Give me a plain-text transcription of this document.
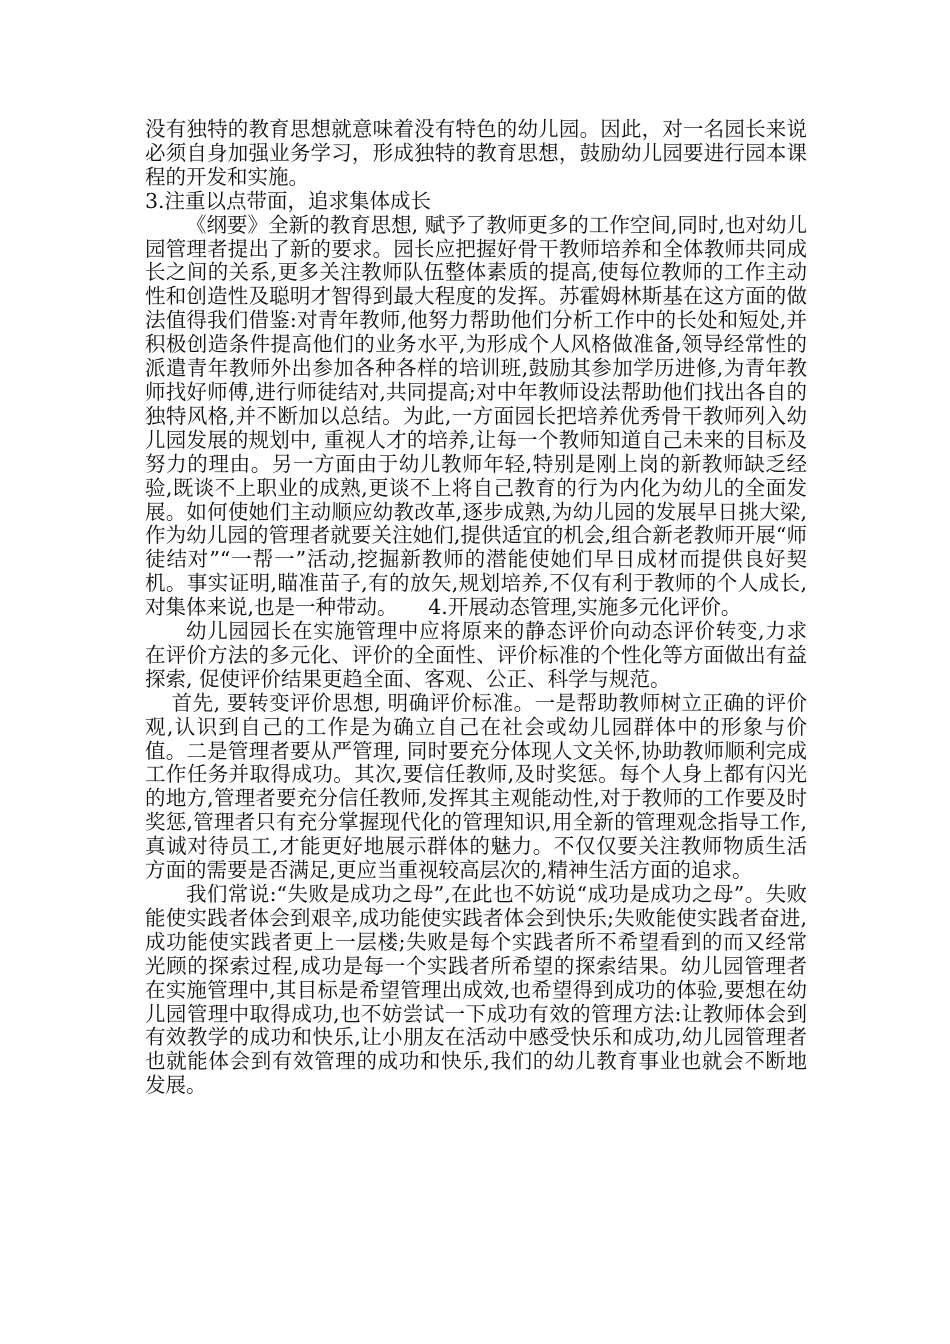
没有独特的教育思想就意味着没有特色的幼儿园。因此，对一名园长来说必须自身加强业务学习，形成独特的教育思想，鼓励幼儿园要进行园本课程的开发和实施。

3.注重以点带面，追求集体成长

《纲要》全新的教育思想, 赋予了教师更多的工作空间,同时,也对幼儿园管理者提出了新的要求。园长应把握好骨干教师培养和全体教师共同成长之间的关系,更多关注教师队伍整体素质的提高,使每位教师的工作主动性和创造性及聪明才智得到最大程度的发挥。苏霍姆林斯基在这方面的做法值得我们借鉴:对青年教师,他努力帮助他们分析工作中的长处和短处,并积极创造条件提高他们的业务水平,为形成个人风格做准备,领导经常性的派遣青年教师外出参加各种各样的培训班,鼓励其参加学历进修,为青年教师找好师傅,进行师徒结对,共同提高;对中年教师设法帮助他们找出各自的独特风格,并不断加以总结。为此,一方面园长把培养优秀骨干教师列入幼儿园发展的规划中, 重视人才的培养,让每一个教师知道自己未来的目标及努力的理由。另一方面由于幼儿教师年轻,特别是刚上岗的新教师缺乏经验,既谈不上职业的成熟,更谈不上将自己教育的行为内化为幼儿的全面发展。如何使她们主动顺应幼教改革,逐步成熟,为幼儿园的发展早日挑大梁,作为幼儿园的管理者就要关注她们,提供适宜的机会,组合新老教师开展“师徒结对”“一帮一”活动,挖掘新教师的潜能使她们早日成材而提供良好契机。事实证明,瞄准苗子,有的放矢,规划培养,不仅有利于教师的个人成长,对集体来说,也是一种带动。　　4.开展动态管理,实施多元化评价。

幼儿园园长在实施管理中应将原来的静态评价向动态评价转变,力求在评价方法的多元化、评价的全面性、评价标准的个性化等方面做出有益探索, 促使评价结果更趋全面、客观、公正、科学与规范。

首先, 要转变评价思想, 明确评价标准。一是帮助教师树立正确的评价观,认识到自己的工作是为确立自己在社会或幼儿园群体中的形象与价值。二是管理者要从严管理, 同时要充分体现人文关怀,协助教师顺利完成工作任务并取得成功。其次,要信任教师,及时奖惩。每个人身上都有闪光的地方,管理者要充分信任教师,发挥其主观能动性,对于教师的工作要及时奖惩,管理者只有充分掌握现代化的管理知识,用全新的管理观念指导工作,真诚对待员工,才能更好地展示群体的魅力。不仅仅要关注教师物质生活方面的需要是否满足,更应当重视较高层次的,精神生活方面的追求。

我们常说:“失败是成功之母”,在此也不妨说“成功是成功之母”。失败能使实践者体会到艰辛,成功能使实践者体会到快乐;失败能使实践者奋进,成功能使实践者更上一层楼;失败是每个实践者所不希望看到的而又经常光顾的探索过程,成功是每一个实践者所希望的探索结果。幼儿园管理者在实施管理中,其目标是希望管理出成效,也希望得到成功的体验,要想在幼儿园管理中取得成功,也不妨尝试一下成功有效的管理方法:让教师体会到有效教学的成功和快乐,让小朋友在活动中感受快乐和成功,幼儿园管理者也就能体会到有效管理的成功和快乐,我们的幼儿教育事业也就会不断地发展。
